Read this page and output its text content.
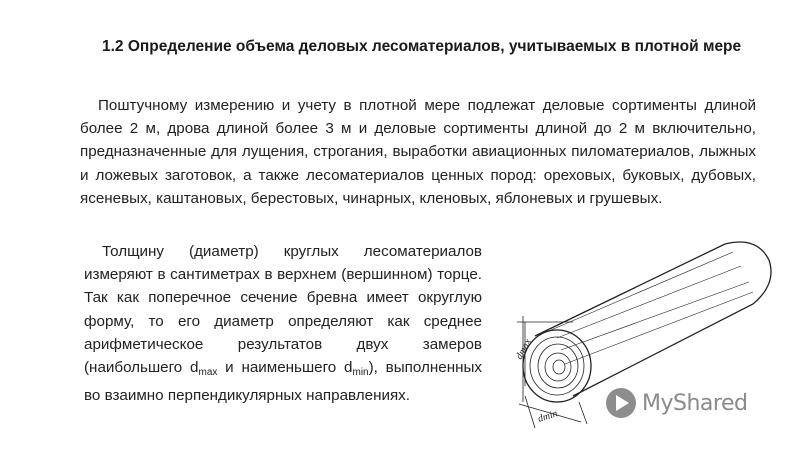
1.2 Определение объема деловых лесоматериалов, учитываемых в плотной мере
Поштучному измерению и учету в плотной мере подлежат деловые сортименты длиной более 2 м, дрова длиной более 3 м и деловые сортименты длиной до 2 м включительно, предназначенные для лущения, строгания, выработки авиационных пиломатериалов, лыжных и ложевых заготовок, а также лесоматериалов ценных пород: ореховых, буковых, дубовых, ясеневых, каштановых, берестовых, чинарных, кленовых, яблоневых и грушевых.
Толщину (диаметр) круглых лесоматериалов измеряют в сантиметрах в верхнем (вершинном) торце. Так как поперечное сечение бревна имеет округлую форму, то его диаметр определяют как среднее арифметическое результатов двух замеров (наибольшего $d_{max}$ и наименьшего $d_{min}$), выполненных во взаимно перпендикулярных направлениях.
dmax
dmin
MyShared
